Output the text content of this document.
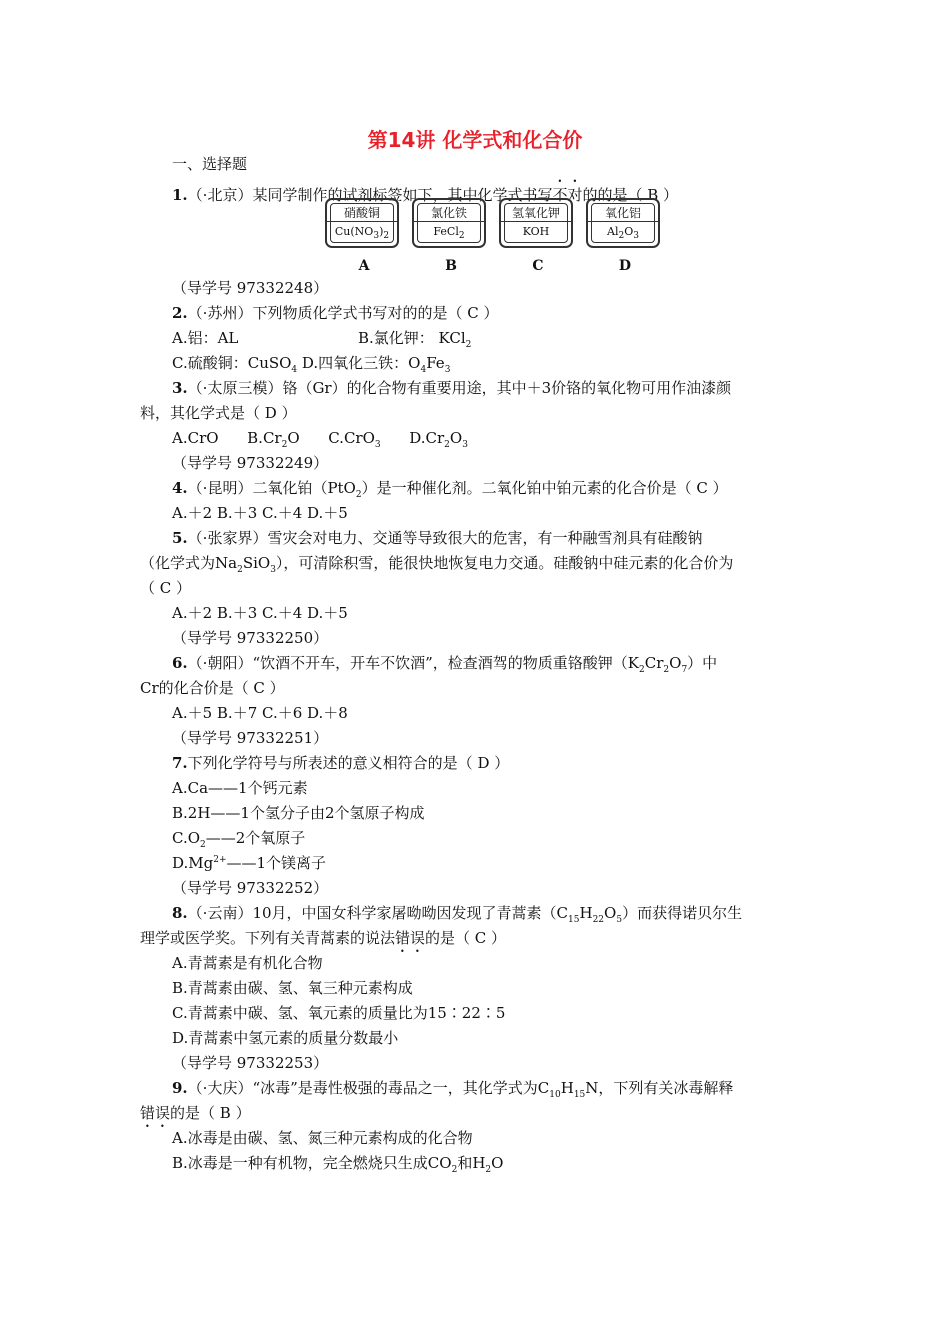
第14讲 化学式和化合价
一、选择题
1.（·北京）某同学制作的试剂标签如下，其中化学式书写不对的的是（ B ）
硝酸铜
$Cu(NO_3)_2$
氯化铁
FeCl$_2$
氢氧化钾
KOH
氧化铝
$Al_2O_3$
A	B	C	D
（导学号 97332248）
2.（·苏州）下列物质化学式书写对的的是（ C ）
A.铝：AL	B.氯化钾： KCl$_2$
C.硫酸铜：CuSO$_4$ D.四氧化三铁：$O_4Fe_3$
3.（·太原三模）铬（Gr）的化合物有重要用途，其中＋3价铬的氧化物可用作油漆颜
料，其化学式是（ D ）
A.CrO      $B.Cr_2O$      C.CrO$_3$      $D.Cr_2O_3$
（导学号 97332249）
4.（·昆明）二氧化铂（PtO$_2$）是一种催化剂。二氧化铂中铂元素的化合价是（ C ）
A.＋2 B.＋3 C.＋4 D.＋5
5.（·张家界）雪灾会对电力、交通等导致很大的危害，有一种融雪剂具有硅酸钠
（化学式为$Na_2SiO_3$），可清除积雪，能很快地恢复电力交通。硅酸钠中硅元素的化合价为
（ C ）
A.＋2 B.＋3 C.＋4 D.＋5
（导学号 97332250）
6.（·朝阳）“饮酒不开车，开车不饮酒”，检查酒驾的物质重铬酸钾$(K_2Cr_2O_7)$中
Cr的化合价是（ C ）
A.＋5 B.＋7 C.＋6 D.＋8
（导学号 97332251）
7.下列化学符号与所表述的意义相符合的是（ D ）
A.Ca——1个钙元素
B.2H——1个氢分子由2个氢原子构成
$C.O_2——2$个氧原子
$D.Mg^{2+}——1$个镁离子
（导学号 97332252）
8.（·云南）10月，中国女科学家屠呦呦因发现了青蒿素$(C_{15}H_{22}O_5)$而获得诺贝尔生
理学或医学奖。下列有关青蒿素的说法错误的是（ C ）
A.青蒿素是有机化合物
B.青蒿素由碳、氢、氧三种元素构成
C.青蒿素中碳、氢、氧元素的质量比为15∶22∶5
D.青蒿素中氢元素的质量分数最小
（导学号 97332253）
9.（·大庆）“冰毒”是毒性极强的毒品之一，其化学式为$C_{10}H_{15}N$，下列有关冰毒解释
错误的是（ B ）
A.冰毒是由碳、氢、氮三种元素构成的化合物
B.冰毒是一种有机物，完全燃烧只生成$CO_2$和$H_2O$
